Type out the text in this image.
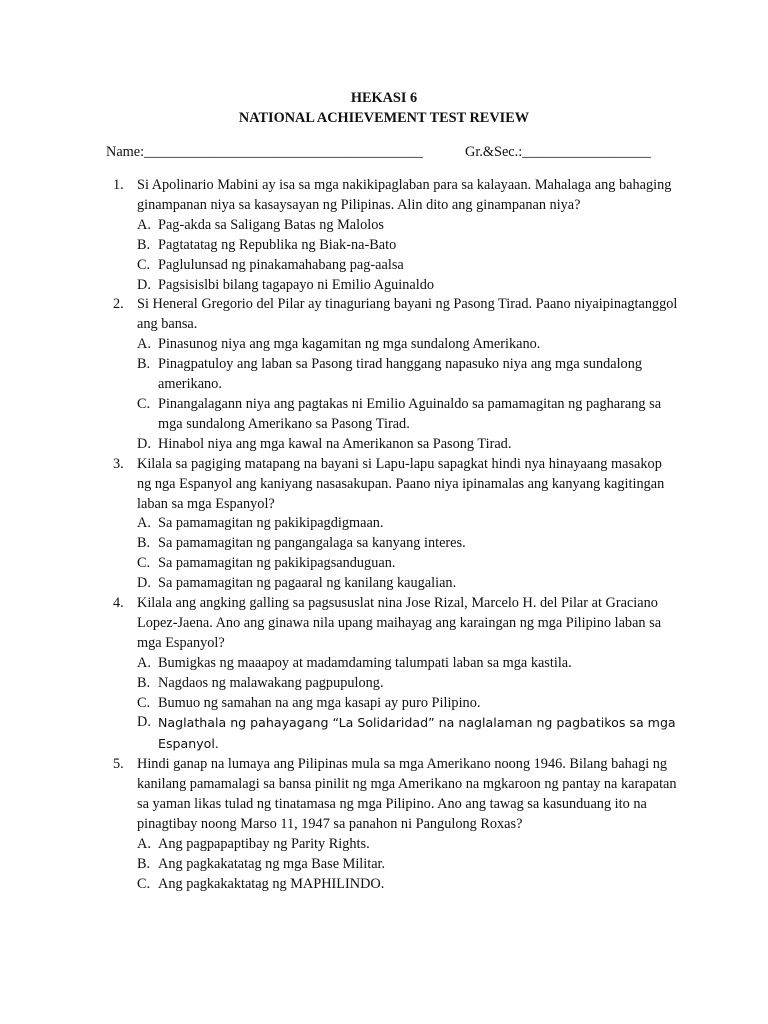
HEKASI 6
NATIONAL ACHIEVEMENT TEST REVIEW
Name:_______________________________________	Gr.&Sec.:__________________
1. Si Apolinario Mabini ay isa sa mga nakikipaglaban para sa kalayaan. Mahalaga ang bahaging ginampanan niya sa kasaysayan ng Pilipinas. Alin dito ang ginampanan niya?
A. Pag-akda sa Saligang Batas ng Malolos
B. Pagtatatag ng Republika ng Biak-na-Bato
C. Paglulunsad ng pinakamahabang pag-aalsa
D. Pagsisislbi bilang tagapayo ni Emilio Aguinaldo
2. Si Heneral Gregorio del Pilar ay tinaguriang bayani ng Pasong Tirad. Paano niyaipinagtanggol ang bansa.
A. Pinasunog niya ang mga kagamitan ng mga sundalong Amerikano.
B. Pinagpatuloy ang laban sa Pasong tirad hanggang napasuko niya ang mga sundalong amerikano.
C. Pinangalagann niya ang pagtakas ni Emilio Aguinaldo sa pamamagitan ng pagharang sa mga sundalong Amerikano sa Pasong Tirad.
D. Hinabol niya ang mga kawal na Amerikanon sa Pasong Tirad.
3. Kilala sa pagiging matapang na bayani si Lapu-lapu sapagkat hindi nya hinayaang masakop ng nga Espanyol ang kaniyang nasasakupan. Paano niya ipinamalas ang kanyang kagitingan laban sa mga Espanyol?
A. Sa pamamagitan ng pakikipagdigmaan.
B. Sa pamamagitan ng pangangalaga sa kanyang interes.
C. Sa pamamagitan ng pakikipagsanduguan.
D. Sa pamamagitan ng pagaaral ng kanilang kaugalian.
4. Kilala ang angking galling sa pagsususlat nina Jose Rizal, Marcelo H. del Pilar at Graciano Lopez-Jaena. Ano ang ginawa nila upang maihayag ang karaingan ng mga Pilipino laban sa mga Espanyol?
A. Bumigkas ng maaapoy at madamdaming talumpati laban sa mga kastila.
B. Nagdaos ng malawakang pagpupulong.
C. Bumuo ng samahan na ang mga kasapi ay puro Pilipino.
D. Naglathala ng pahayagang “La Solidaridad” na naglalaman ng pagbatikos sa mga Espanyol.
5. Hindi ganap na lumaya ang Pilipinas mula sa mga Amerikano noong 1946. Bilang bahagi ng kanilang pamamalagi sa bansa pinilit ng mga Amerikano na mgkaroon ng pantay na karapatan sa yaman likas tulad ng tinatamasa ng mga Pilipino. Ano ang tawag sa kasunduang ito na pinagtibay noong Marso 11, 1947 sa panahon ni Pangulong Roxas?
A. Ang pagpapaptibay ng Parity Rights.
B. Ang pagkakatatag ng mga Base Militar.
C. Ang pagkakaktatag ng MAPHILINDO.
